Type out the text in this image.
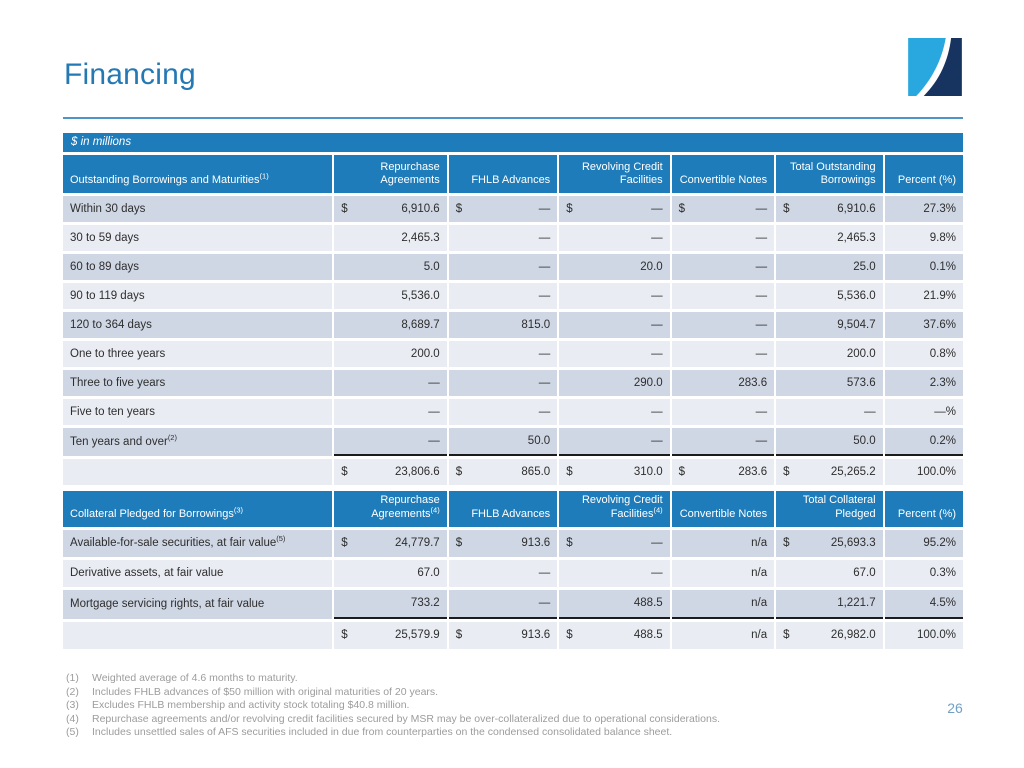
Financing
$ in millions
Outstanding Borrowings and Maturities$^{(1)}$	Repurchase Agreements	FHLB Advances	Revolving Credit Facilities	Convertible Notes	Total Outstanding Borrowings	Percent (%)
Within 30 days	$ 6,910.6	$ —	$ —	$ —	$ 6,910.6	27.3%

30 to 59 days	2,465.3	—	—	—	2,465.3	9.8%

60 to 89 days	5.0	—	20.0	—	25.0	0.1%

90 to 119 days	5,536.0	—	—	—	5,536.0	21.9%

120 to 364 days	8,689.7	815.0	—	—	9,504.7	37.6%

One to three years	200.0	—	—	—	200.0	0.8%

Three to five years	—	—	290.0	283.6	573.6	2.3%

Five to ten years	—	—	—	—	—	—%

Ten years and over$^{(2)}$	—	50.0	—	—	50.0	0.2%

	$ 23,806.6	$ 865.0	$ 310.0	$ 283.6	$ 25,265.2	100.0%
Collateral Pledged for Borrowings$^{(3)}$	Repurchase Agreements$^{(4)}$	FHLB Advances	Revolving Credit Facilities$^{(4)}$	Convertible Notes	Total Collateral Pledged	Percent (%)
Available-for-sale securities, at fair value$^{(5)}$	$ 24,779.7	$ 913.6	$ —	n/a	$ 25,693.3	95.2%

Derivative assets, at fair value	67.0	—	—	n/a	67.0	0.3%

Mortgage servicing rights, at fair value	733.2	—	488.5	n/a	1,221.7	4.5%

	$ 25,579.9	$ 913.6	$ 488.5	n/a	$ 26,982.0	100.0%
(1)	Weighted average of 4.6 months to maturity.
(2)	Includes FHLB advances of $50 million with original maturities of 20 years.
(3)	Excludes FHLB membership and activity stock totaling $40.8 million.
(4)	Repurchase agreements and/or revolving credit facilities secured by MSR may be over-collateralized due to operational considerations.
(5)	Includes unsettled sales of AFS securities included in due from counterparties on the condensed consolidated balance sheet.
26
